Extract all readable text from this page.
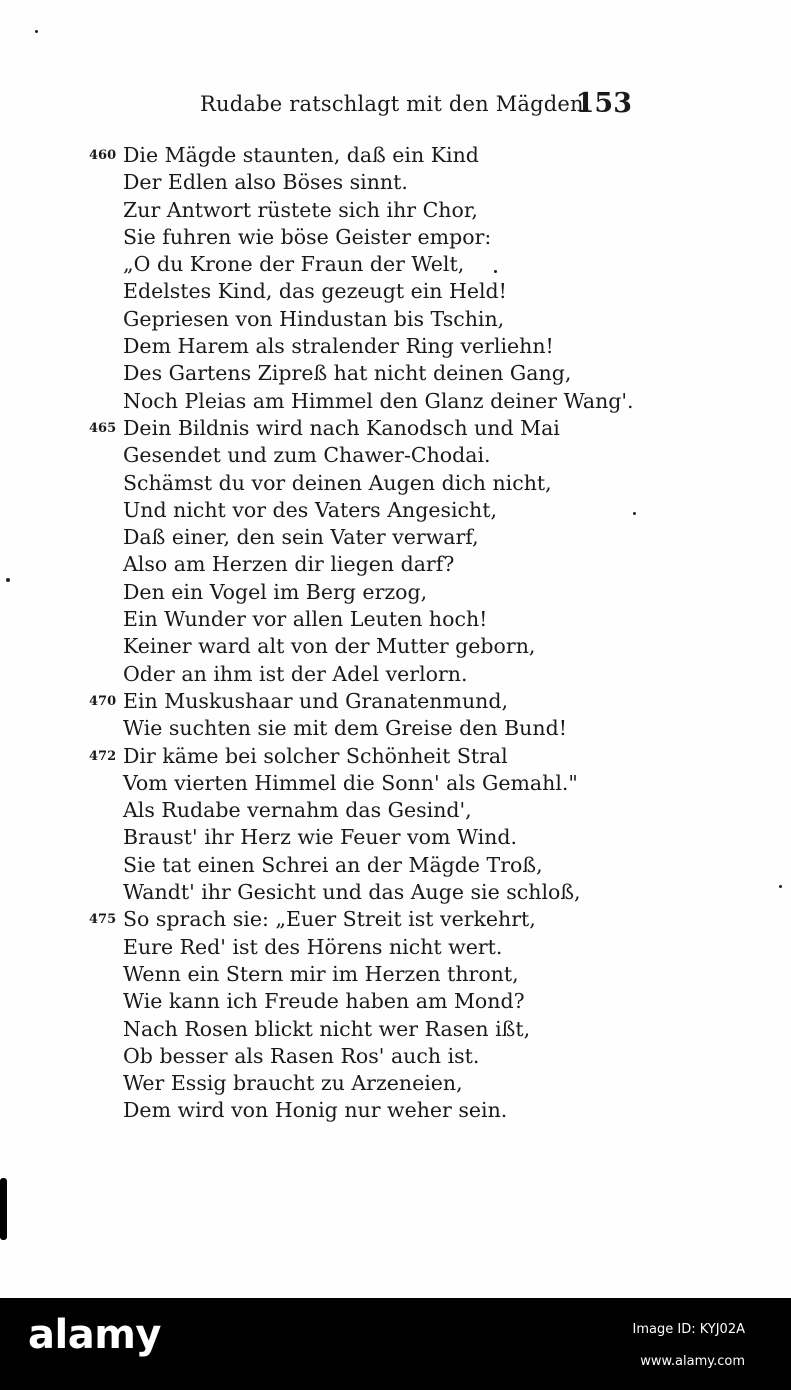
Rudabe ratschlagt mit den Mägden.
153
460 Die Mägde staunten, daß ein Kind
Der Edlen also Böses sinnt.
Zur Antwort rüstete sich ihr Chor,
Sie fuhren wie böse Geister empor:
„O du Krone der Fraun der Welt,
Edelstes Kind, das gezeugt ein Held!
Gepriesen von Hindustan bis Tschin,
Dem Harem als stralender Ring verliehn!
Des Gartens Zipreß hat nicht deinen Gang,
Noch Pleias am Himmel den Glanz deiner Wang'.
465 Dein Bildnis wird nach Kanodsch und Mai
Gesendet und zum Chawer-Chodai.
Schämst du vor deinen Augen dich nicht,
Und nicht vor des Vaters Angesicht,
Daß einer, den sein Vater verwarf,
Also am Herzen dir liegen darf?
Den ein Vogel im Berg erzog,
Ein Wunder vor allen Leuten hoch!
Keiner ward alt von der Mutter geborn,
Oder an ihm ist der Adel verlorn.
470 Ein Muskushaar und Granatenmund,
Wie suchten sie mit dem Greise den Bund!
472 Dir käme bei solcher Schönheit Stral
Vom vierten Himmel die Sonn' als Gemahl."
Als Rudabe vernahm das Gesind',
Braust' ihr Herz wie Feuer vom Wind.
Sie tat einen Schrei an der Mägde Troß,
Wandt' ihr Gesicht und das Auge sie schloß,
475 So sprach sie: „Euer Streit ist verkehrt,
Eure Red' ist des Hörens nicht wert.
Wenn ein Stern mir im Herzen thront,
Wie kann ich Freude haben am Mond?
Nach Rosen blickt nicht wer Rasen ißt,
Ob besser als Rasen Ros' auch ist.
Wer Essig braucht zu Arzeneien,
Dem wird von Honig nur weher sein.
alamy	Image ID: KYJ02A
www.alamy.com
